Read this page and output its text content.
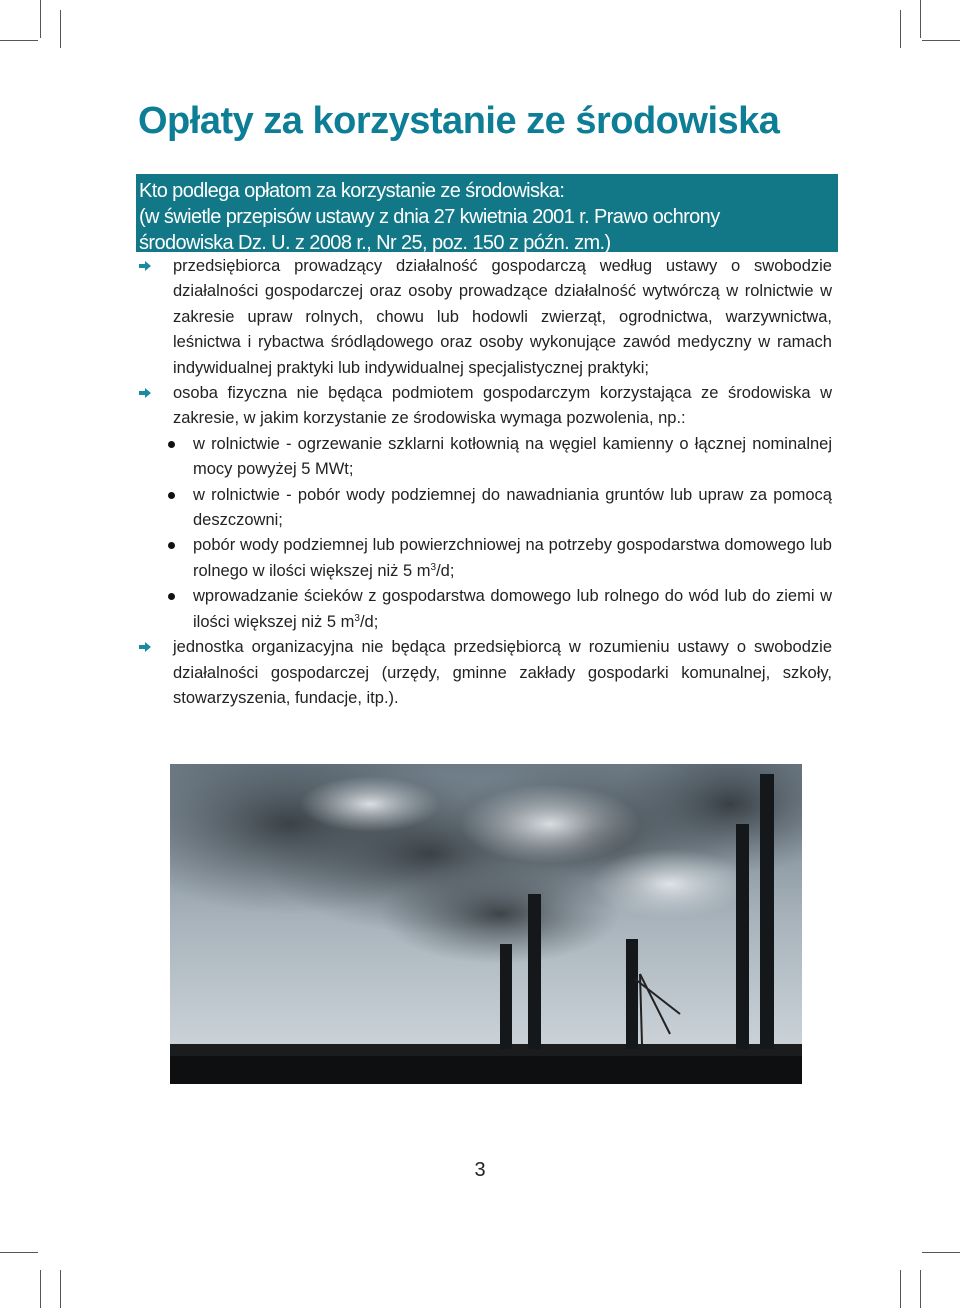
Opłaty za korzystanie ze środowiska
Kto podlega opłatom za korzystanie ze środowiska:
(w świetle przepisów ustawy z dnia 27 kwietnia 2001 r. Prawo ochrony
środowiska Dz. U. z 2008 r., Nr 25, poz. 150 z późn. zm.)
przedsiębiorca prowadzący działalność gospodarczą według ustawy o swobodzie działalności gospodarczej oraz osoby prowadzące działalność wytwórczą w rolnictwie w zakresie upraw rolnych, chowu lub hodowli zwierząt, ogrodnictwa, warzywnictwa, leśnictwa i rybactwa śródlądowego oraz osoby wykonujące zawód medyczny w ramach indywidualnej praktyki lub indywidualnej specjalistycznej praktyki;
osoba fizyczna nie będąca podmiotem gospodarczym korzystająca ze środowiska w zakresie, w jakim korzystanie ze środowiska wymaga pozwolenia, np.:
w rolnictwie - ogrzewanie szklarni kotłownią na węgiel kamienny o łącznej nominalnej mocy powyżej 5 MWt;
w rolnictwie - pobór wody podziemnej do nawadniania gruntów lub upraw za pomocą deszczowni;
pobór wody podziemnej lub powierzchniowej na potrzeby gospodarstwa domowego lub rolnego w ilości większej niż 5 $m^3/d$;
wprowadzanie ścieków z gospodarstwa domowego lub rolnego do wód lub do ziemi w ilości większej niż 5 $m^3/d$;
jednostka organizacyjna nie będąca przedsiębiorcą w rozumieniu ustawy o swobodzie działalności gospodarczej (urzędy, gminne zakłady gospodarki komunalnej, szkoły, stowarzyszenia, fundacje, itp.).
3
